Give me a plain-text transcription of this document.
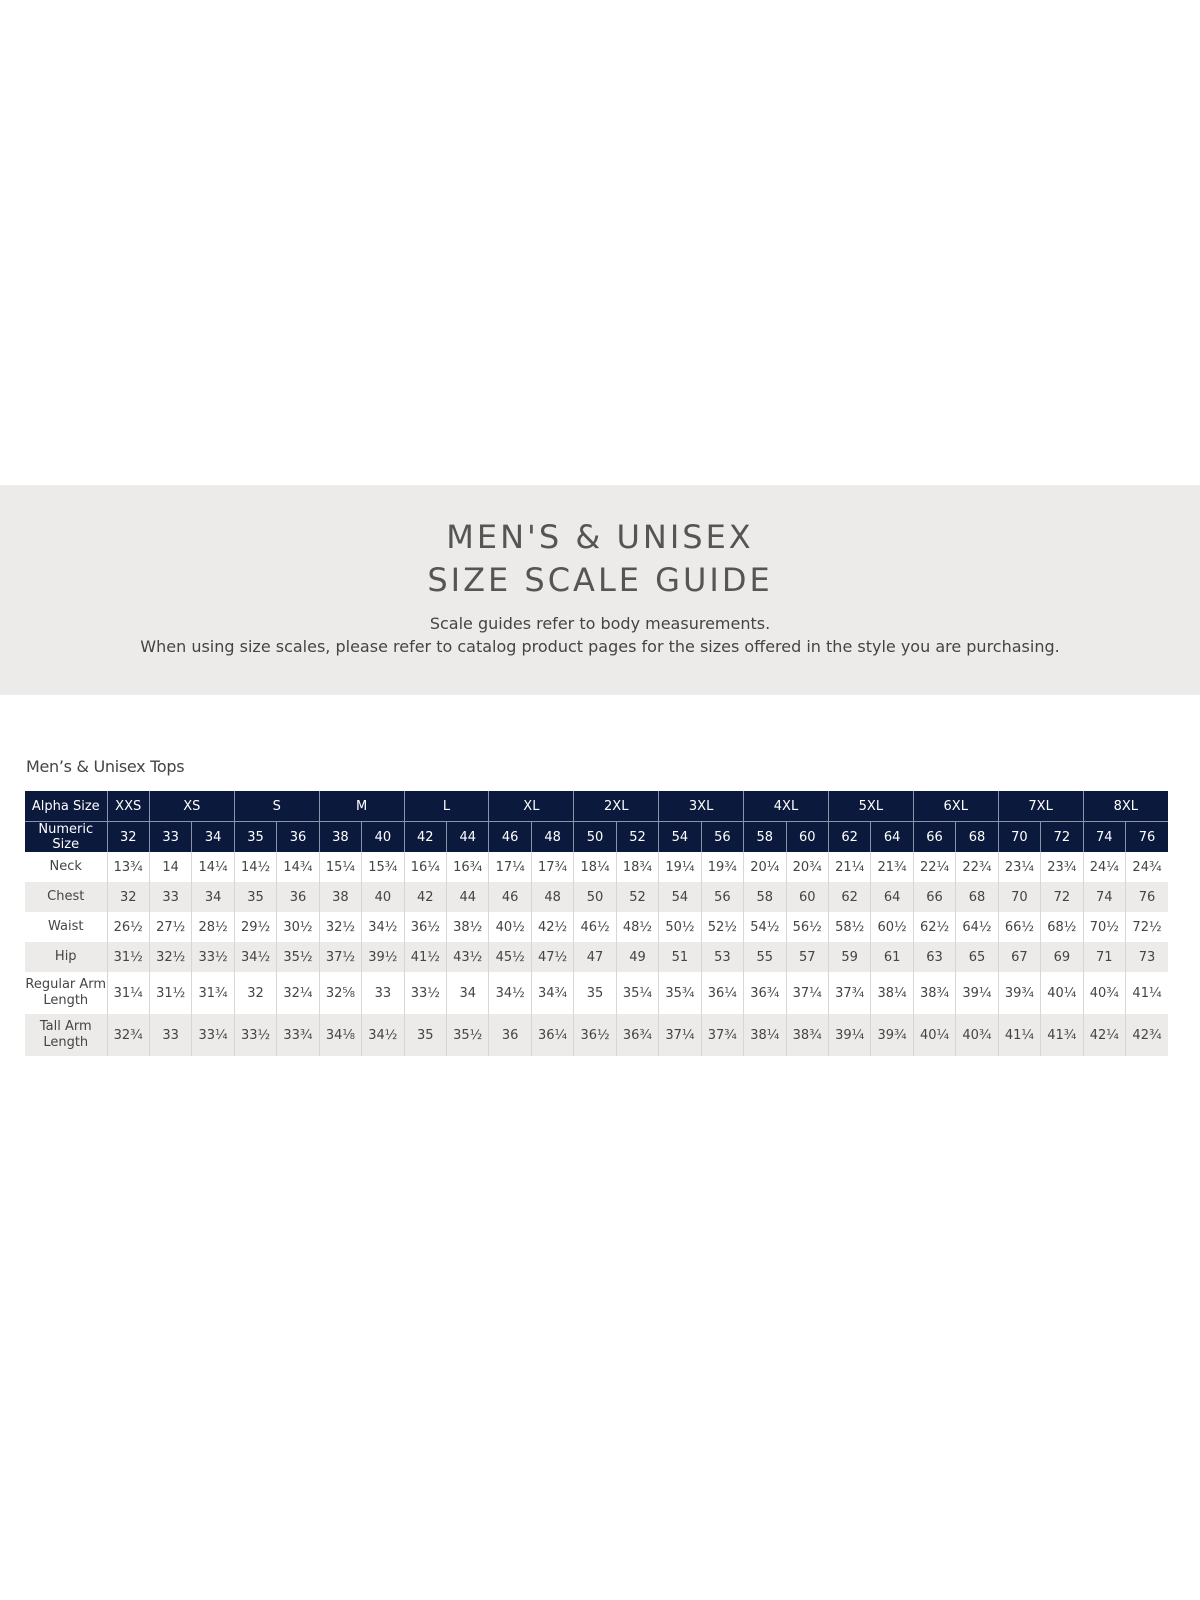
MEN'S & UNISEX
SIZE SCALE GUIDE
Scale guides refer to body measurements.
When using size scales, please refer to catalog product pages for the sizes offered in the style you are purchasing.
Men’s & Unisex Tops
Alpha Size	XXS	XS		S		M		L		XL		2XL		3XL		4XL		5XL		6XL		7XL		8XL	
Numeric Size	32	33	34	35	36	38	40	42	44	46	48	50	52	54	56	58	60	62	64	66	68	70	72	74	76

Neck	13¾	14	14¼	14½	14¾	15¼	15¾	16¼	16¾	17¼	17¾	18¼	18¾	19¼	19¾	20¼	20¾	21¼	21¾	22¼	22¾	23¼	23¾	24¼	24¾

Chest	32	33	34	35	36	38	40	42	44	46	48	50	52	54	56	58	60	62	64	66	68	70	72	74	76

Waist	26½	27½	28½	29½	30½	32½	34½	36½	38½	40½	42½	46½	48½	50½	52½	54½	56½	58½	60½	62½	64½	66½	68½	70½	72½

Hip	31½	32½	33½	34½	35½	37½	39½	41½	43½	45½	47½	47	49	51	53	55	57	59	61	63	65	67	69	71	73

Regular Arm
Length	31¼	31½	31¾	32	32¼	32⅝	33	33½	34	34½	34¾	35	35¼	35¾	36¼	36¾	37¼	37¾	38¼	38¾	39¼	39¾	40¼	40¾	41¼

Tall Arm
Length	32¾	33	33¼	33½	33¾	34⅛	34½	35	35½	36	36¼	36½	36¾	37¼	37¾	38¼	38¾	39¼	39¾	40¼	40¾	41¼	41¾	42¼	42¾
